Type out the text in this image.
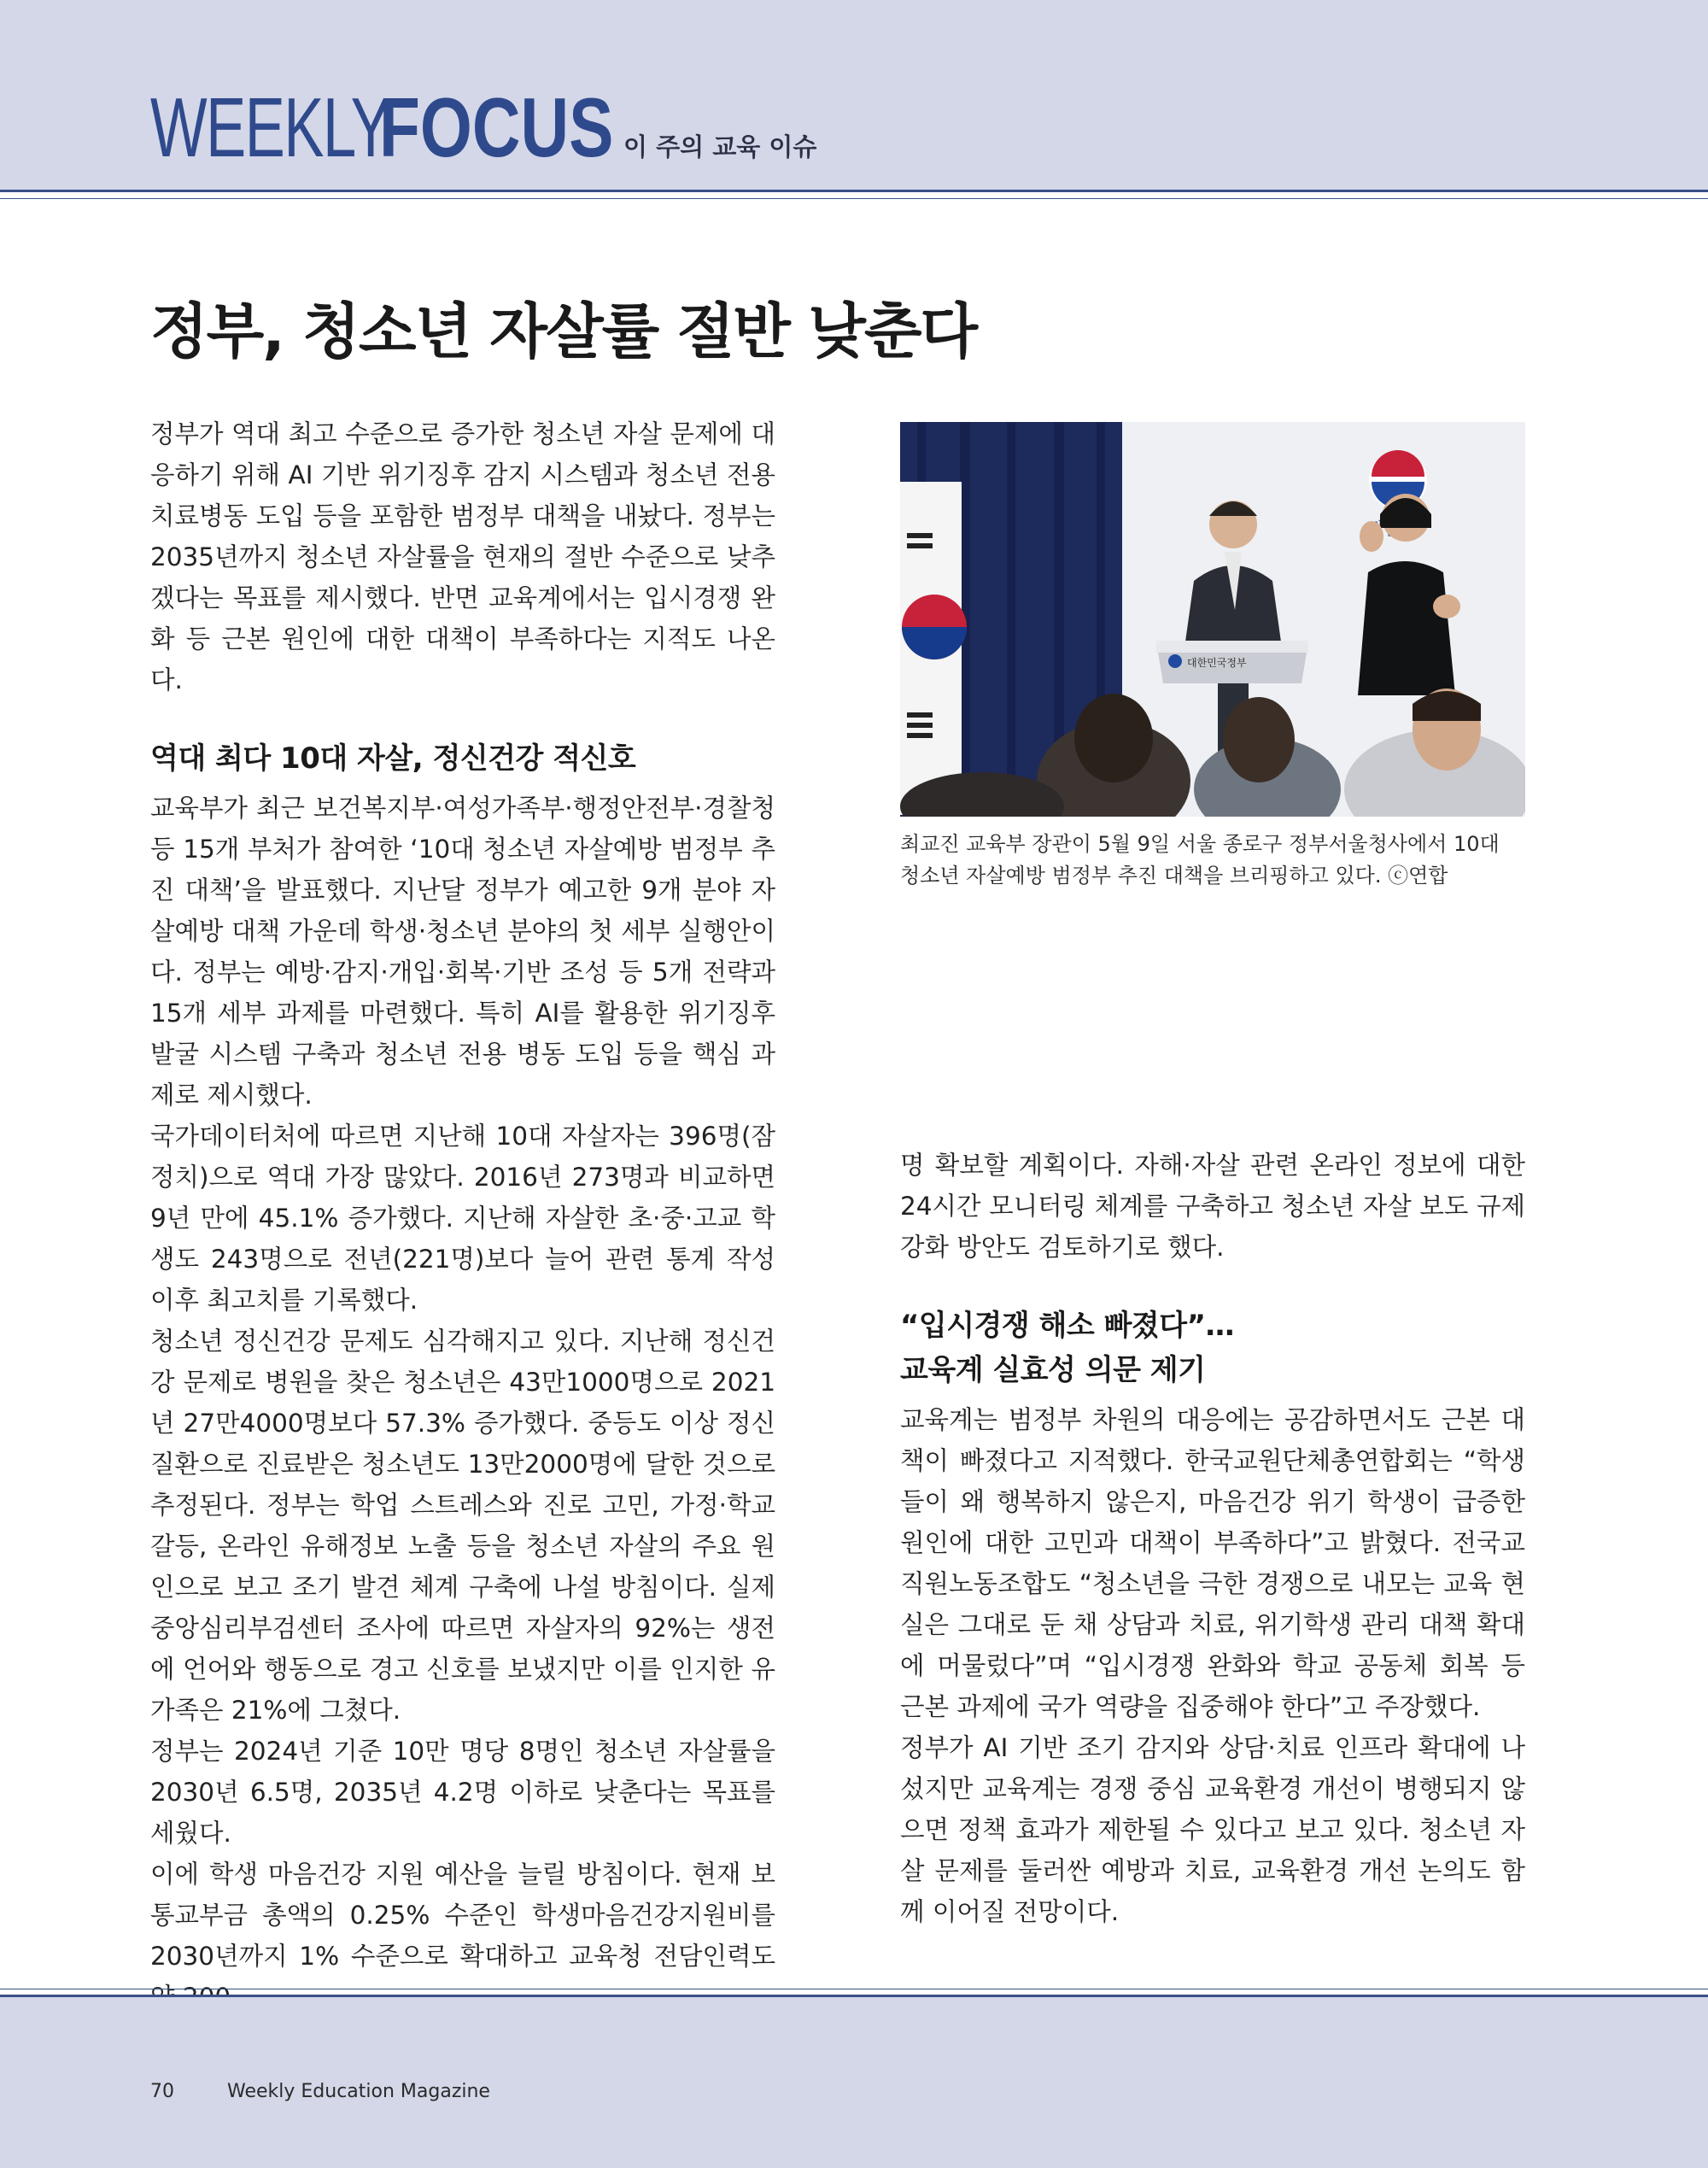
WEEKLY
FOCUS 이 주의 교육 이슈
정부, 청소년 자살률 절반 낮춘다

정부가 역대 최고 수준으로 증가한 청소년 자살 문제에 대응하기 위해 AI 기반 위기징후 감지 시스템과 청소년 전용 치료병동 도입 등을 포함한 범정부 대책을 내놨다. 정부는 2035년까지 청소년 자살률을 현재의 절반 수준으로 낮추겠다는 목표를 제시했다. 반면 교육계에서는 입시경쟁 완화 등 근본 원인에 대한 대책이 부족하다는 지적도 나온다.

역대 최다 10대 자살, 정신건강 적신호

교육부가 최근 보건복지부·여성가족부·행정안전부·경찰청 등 15개 부처가 참여한 ‘10대 청소년 자살예방 범정부 추진 대책’을 발표했다. 지난달 정부가 예고한 9개 분야 자살예방 대책 가운데 학생·청소년 분야의 첫 세부 실행안이다. 정부는 예방·감지·개입·회복·기반 조성 등 5개 전략과 15개 세부 과제를 마련했다. 특히 AI를 활용한 위기징후 발굴 시스템 구축과 청소년 전용 병동 도입 등을 핵심 과제로 제시했다.

국가데이터처에 따르면 지난해 10대 자살자는 396명(잠정치)으로 역대 가장 많았다. 2016년 273명과 비교하면 9년 만에 45.1% 증가했다. 지난해 자살한 초·중·고교 학생도 243명으로 전년(221명)보다 늘어 관련 통계 작성 이후 최고치를 기록했다.

청소년 정신건강 문제도 심각해지고 있다. 지난해 정신건강 문제로 병원을 찾은 청소년은 43만1000명으로 2021년 27만4000명보다 57.3% 증가했다. 중등도 이상 정신질환으로 진료받은 청소년도 13만2000명에 달한 것으로 추정된다. 정부는 학업 스트레스와 진로 고민, 가정·학교 갈등, 온라인 유해정보 노출 등을 청소년 자살의 주요 원인으로 보고 조기 발견 체계 구축에 나설 방침이다. 실제 중앙심리부검센터 조사에 따르면 자살자의 92%는 생전에 언어와 행동으로 경고 신호를 보냈지만 이를 인지한 유가족은 21%에 그쳤다.

정부는 2024년 기준 10만 명당 8명인 청소년 자살률을 2030년 6.5명, 2035년 4.2명 이하로 낮춘다는 목표를 세웠다.

이에 학생 마음건강 지원 예산을 늘릴 방침이다. 현재 보통교부금 총액의 0.25% 수준인 학생마음건강지원비를 2030년까지 1% 수준으로 확대하고 교육청 전담인력도

대한민국정부

최교진 교육부 장관이 5월 9일 서울 종로구 정부서울청사에서 10대 청소년 자살예방 범정부 추진 대책을 브리핑하고 있다. ⓒ연합

명 확보할 계획이다. 자해·자살 관련 온라인 정보에 대한 24시간 모니터링 체계를 구축하고 청소년 자살 보도 규제 강화 방안도 검토하기로 했다.

“입시경쟁 해소 빠졌다”…
교육계 실효성 의문 제기

교육계는 범정부 차원의 대응에는 공감하면서도 근본 대책이 빠졌다고 지적했다. 한국교원단체총연합회는 “학생들이 왜 행복하지 않은지, 마음건강 위기 학생이 급증한 원인에 대한 고민과 대책이 부족하다”고 밝혔다. 전국교직원노동조합도 “청소년을 극한 경쟁으로 내모는 교육 현실은 그대로 둔 채 상담과 치료, 위기학생 관리 대책 확대에 머물렀다”며 “입시경쟁 완화와 학교 공동체 회복 등 근본 과제에 국가 역량을 집중해야 한다”고 주장했다.

정부가 AI 기반 조기 감지와 상담·치료 인프라 확대에 나섰지만 교육계는 경쟁 중심 교육환경 개선이 병행되지 않으면 정책 효과가 제한될 수 있다고 보고 있다. 청소년 자살 문제를 둘러싼 예방과 치료, 교육환경 개선 논의도 함께 이어질 전망이다.

70	Weekly Education Magazine
